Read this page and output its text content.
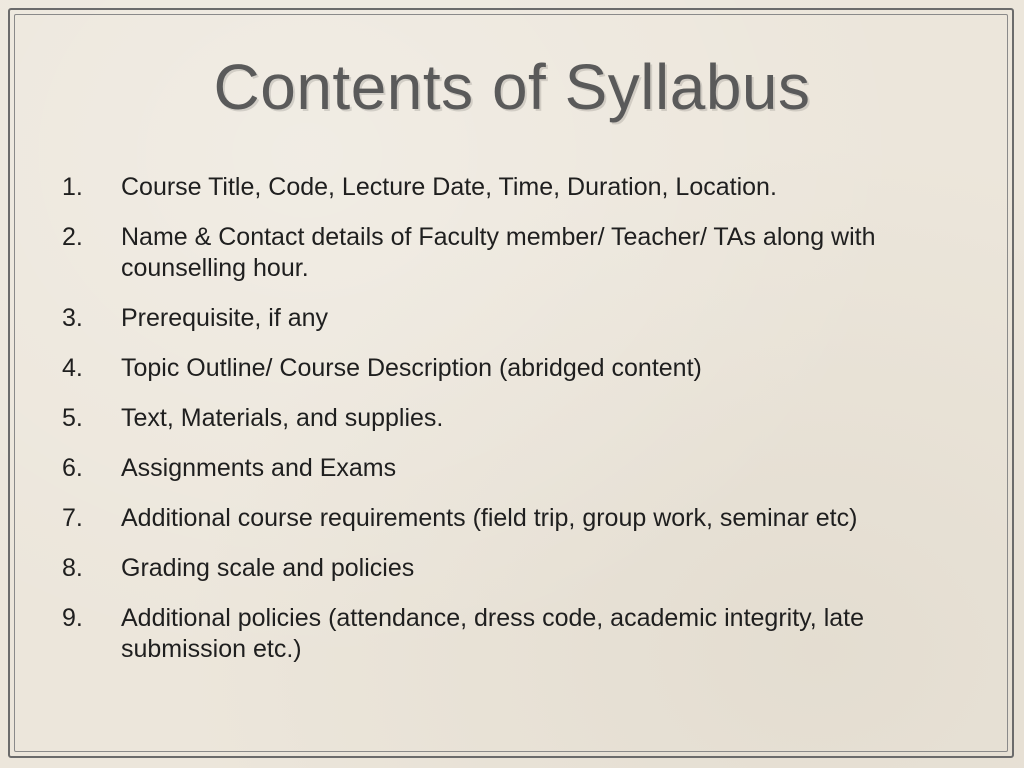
Contents of Syllabus
1.	Course Title, Code, Lecture Date, Time, Duration, Location.
2.	Name & Contact details of Faculty member/ Teacher/ TAs along with counselling hour.
3.	Prerequisite, if any
4.	Topic Outline/ Course Description (abridged content)
5.	Text, Materials, and supplies.
6.	Assignments and Exams
7.	Additional course requirements (field trip, group work, seminar etc)
8.	Grading scale and policies
9.	Additional policies (attendance, dress code, academic integrity, late submission etc.)
